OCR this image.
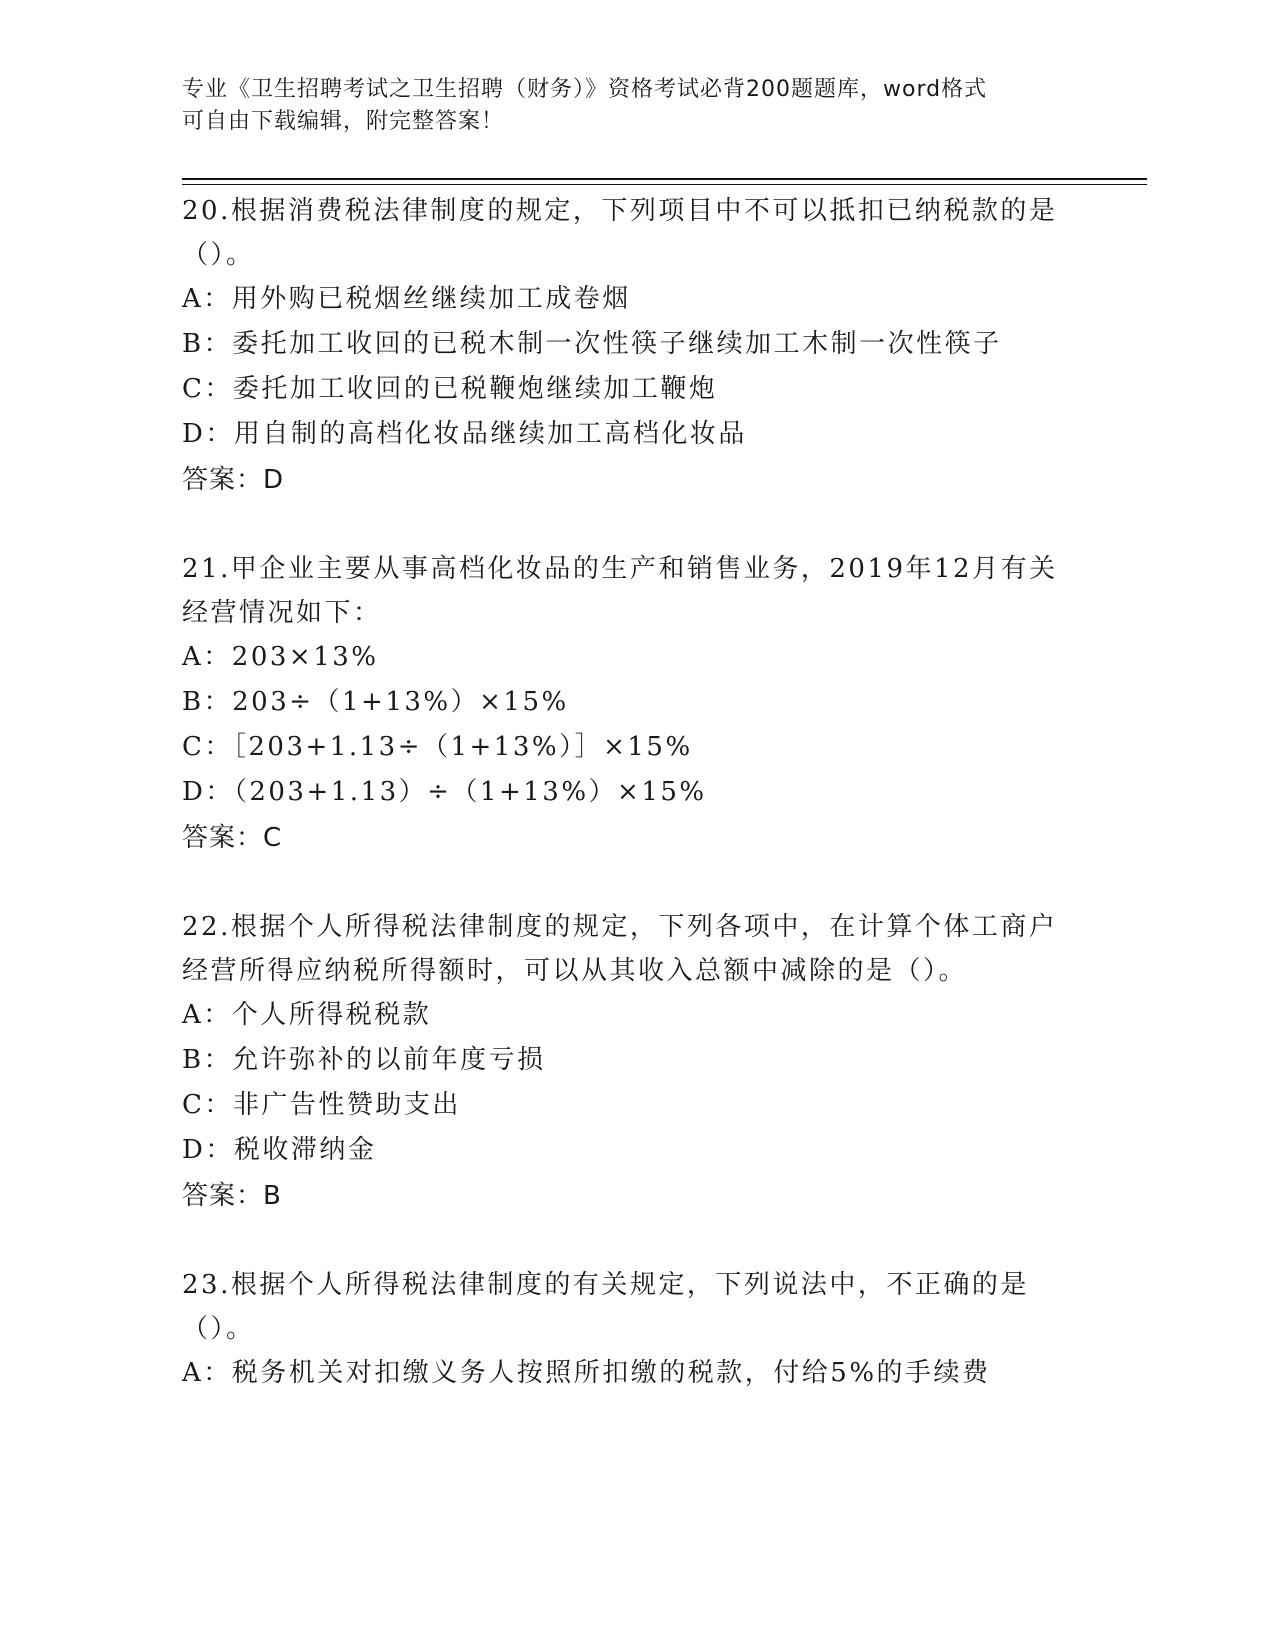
专业《卫生招聘考试之卫生招聘（财务）》资格考试必背200题题库，word格式
可自由下载编辑，附完整答案！
20.根据消费税法律制度的规定，下列项目中不可以抵扣已纳税款的是（）。
A：用外购已税烟丝继续加工成卷烟
B：委托加工收回的已税木制一次性筷子继续加工木制一次性筷子
C：委托加工收回的已税鞭炮继续加工鞭炮
D：用自制的高档化妆品继续加工高档化妆品
答案：D
21.甲企业主要从事高档化妆品的生产和销售业务，2019年12月有关经营情况如下：
A：203×13%
B：203÷（1+13%）×15%
C：［203+1.13÷（1+13%）］×15%
D：（203+1.13）÷（1+13%）×15%
答案：C
22.根据个人所得税法律制度的规定，下列各项中，在计算个体工商户经营所得应纳税所得额时，可以从其收入总额中减除的是（）。
A：个人所得税税款
B：允许弥补的以前年度亏损
C：非广告性赞助支出
D：税收滞纳金
答案：B
23.根据个人所得税法律制度的有关规定，下列说法中，不正确的是（）。
A：税务机关对扣缴义务人按照所扣缴的税款，付给5%的手续费
